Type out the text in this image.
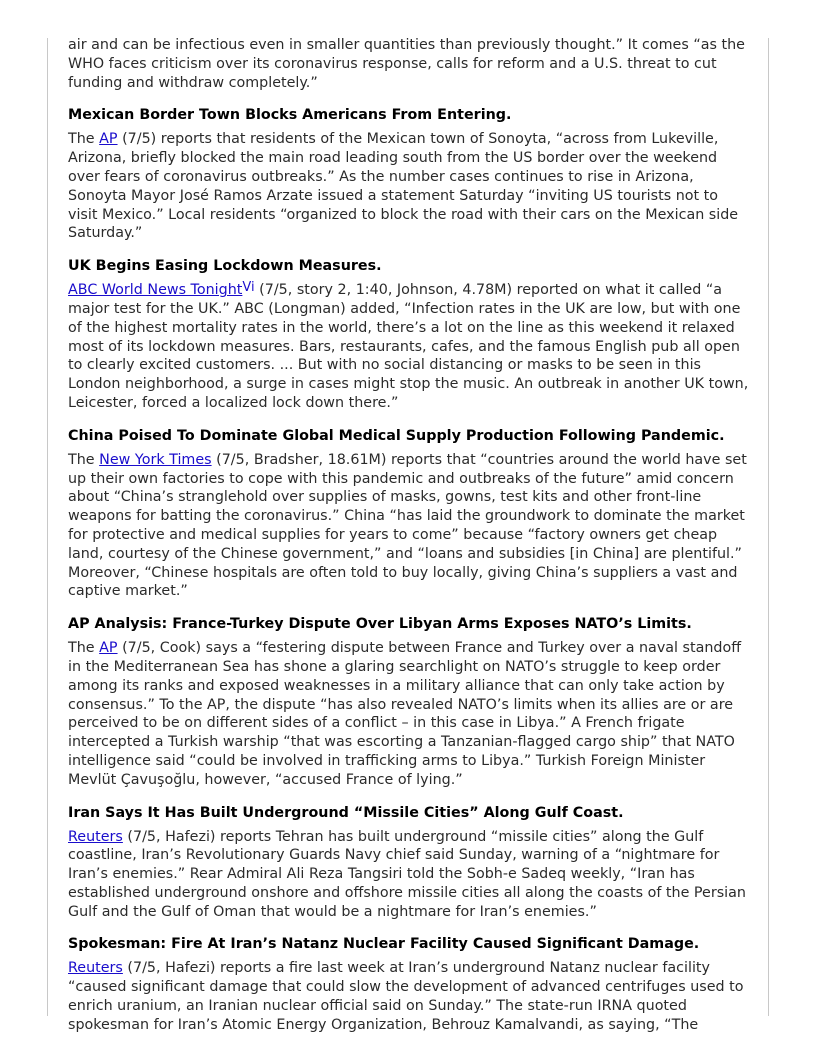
air and can be infectious even in smaller quantities than previously thought.” It comes “as the WHO faces criticism over its coronavirus response, calls for reform and a U.S. threat to cut funding and withdraw completely.”

Mexican Border Town Blocks Americans From Entering.

The AP (7/5) reports that residents of the Mexican town of Sonoyta, “across from Lukeville, Arizona, briefly blocked the main road leading south from the US border over the weekend over fears of coronavirus outbreaks.” As the number cases continues to rise in Arizona, Sonoyta Mayor José Ramos Arzate issued a statement Saturday “inviting US tourists not to visit Mexico.” Local residents “organized to block the road with their cars on the Mexican side Saturday.”

UK Begins Easing Lockdown Measures.

ABC World News Tonight$^{Vi}$ (7/5, story 2, 1:40, Johnson, 4.78M) reported on what it called “a major test for the UK.” ABC (Longman) added, “Infection rates in the UK are low, but with one of the highest mortality rates in the world, there’s a lot on the line as this weekend it relaxed most of its lockdown measures. Bars, restaurants, cafes, and the famous English pub all open to clearly excited customers. ... But with no social distancing or masks to be seen in this London neighborhood, a surge in cases might stop the music. An outbreak in another UK town, Leicester, forced a localized lock down there.”

China Poised To Dominate Global Medical Supply Production Following Pandemic.

The New York Times (7/5, Bradsher, 18.61M) reports that “countries around the world have set up their own factories to cope with this pandemic and outbreaks of the future” amid concern about “China’s stranglehold over supplies of masks, gowns, test kits and other front-line weapons for batting the coronavirus.” China “has laid the groundwork to dominate the market for protective and medical supplies for years to come” because “factory owners get cheap land, courtesy of the Chinese government,” and “loans and subsidies [in China] are plentiful.” Moreover, “Chinese hospitals are often told to buy locally, giving China’s suppliers a vast and captive market.”

AP Analysis: France-Turkey Dispute Over Libyan Arms Exposes NATO’s Limits.

The AP (7/5, Cook) says a “festering dispute between France and Turkey over a naval standoff in the Mediterranean Sea has shone a glaring searchlight on NATO’s struggle to keep order among its ranks and exposed weaknesses in a military alliance that can only take action by consensus.” To the AP, the dispute “has also revealed NATO’s limits when its allies are or are perceived to be on different sides of a conflict – in this case in Libya.” A French frigate intercepted a Turkish warship “that was escorting a Tanzanian-flagged cargo ship” that NATO intelligence said “could be involved in trafficking arms to Libya.” Turkish Foreign Minister Mevlüt Çavuşoğlu, however, “accused France of lying.”

Iran Says It Has Built Underground “Missile Cities” Along Gulf Coast.

Reuters (7/5, Hafezi) reports Tehran has built underground “missile cities” along the Gulf coastline, Iran’s Revolutionary Guards Navy chief said Sunday, warning of a “nightmare for Iran’s enemies.” Rear Admiral Ali Reza Tangsiri told the Sobh-e Sadeq weekly, “Iran has established underground onshore and offshore missile cities all along the coasts of the Persian Gulf and the Gulf of Oman that would be a nightmare for Iran’s enemies.”

Spokesman: Fire At Iran’s Natanz Nuclear Facility Caused Significant Damage.

Reuters (7/5, Hafezi) reports a fire last week at Iran’s underground Natanz nuclear facility “caused significant damage that could slow the development of advanced centrifuges used to enrich uranium, an Iranian nuclear official said on Sunday.” The state-run IRNA quoted spokesman for Iran’s Atomic Energy Organization, Behrouz Kamalvandi, as saying, “The
